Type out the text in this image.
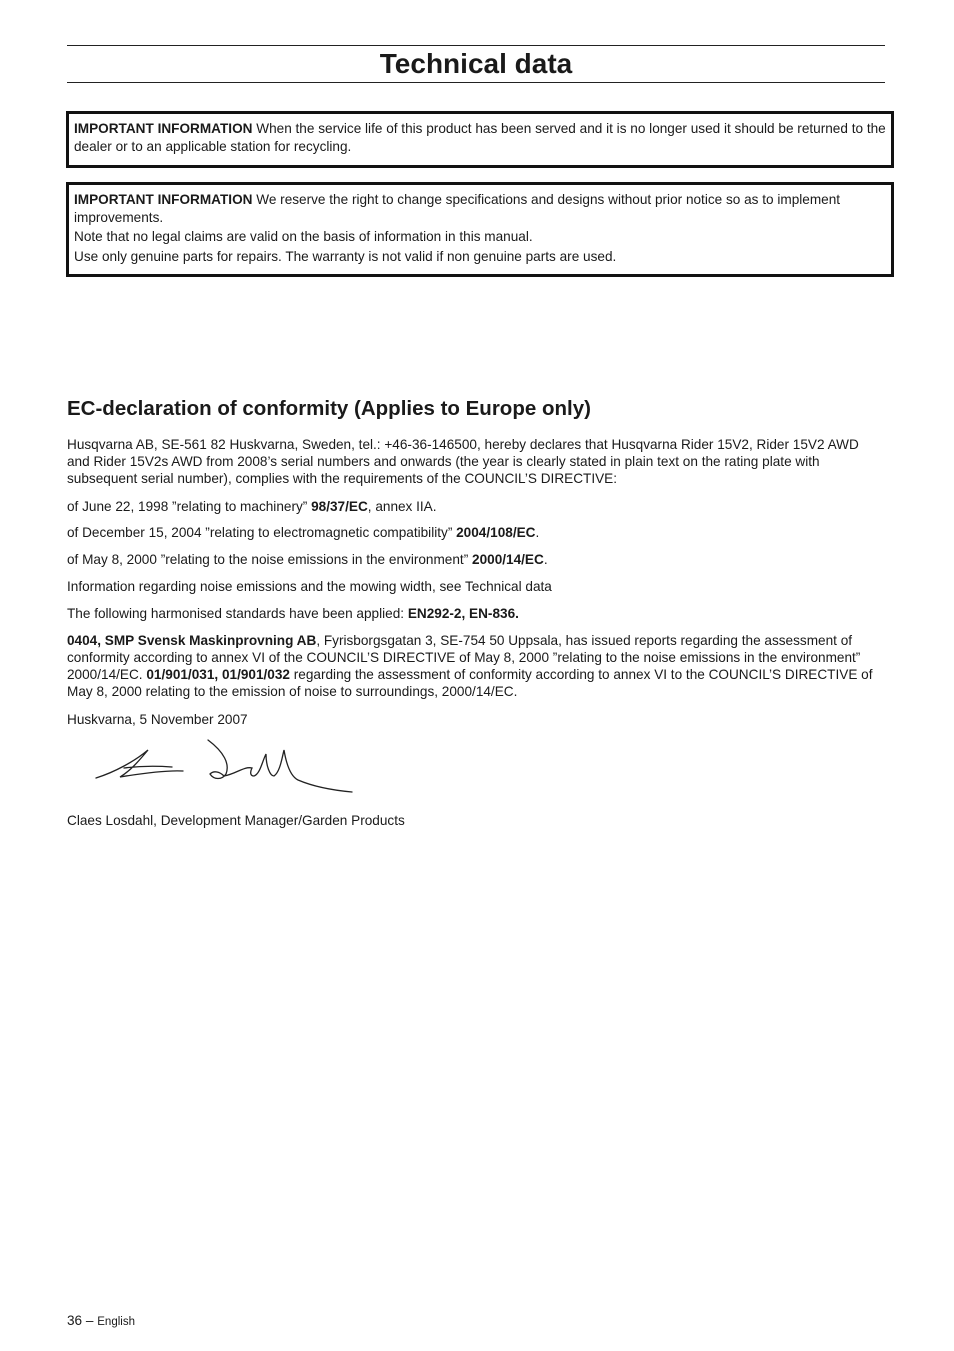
Technical data

IMPORTANT INFORMATION When the service life of this product has been served and it is no longer used it should be returned to the dealer or to an applicable station for recycling.

IMPORTANT INFORMATION We reserve the right to change specifications and designs without prior notice so as to implement improvements.

Note that no legal claims are valid on the basis of information in this manual.

Use only genuine parts for repairs. The warranty is not valid if non genuine parts are used.

EC-declaration of conformity (Applies to Europe only)

Husqvarna AB, SE-561 82 Huskvarna, Sweden, tel.: +46-36-146500, hereby declares that Husqvarna Rider 15V2, Rider 15V2 AWD and Rider 15V2s AWD from 2008’s serial numbers and onwards (the year is clearly stated in plain text on the rating plate with subsequent serial number), complies with the requirements of the COUNCIL’S DIRECTIVE:

of June 22, 1998 ”relating to machinery” 98/37/EC, annex IIA.

of December 15, 2004 ”relating to electromagnetic compatibility” 2004/108/EC.

of May 8, 2000 ”relating to the noise emissions in the environment” 2000/14/EC.

Information regarding noise emissions and the mowing width, see Technical data

The following harmonised standards have been applied: EN292-2, EN-836.

0404, SMP Svensk Maskinprovning AB, Fyrisborgsgatan 3, SE-754 50 Uppsala, has issued reports regarding the assessment of conformity according to annex VI of the COUNCIL’S DIRECTIVE of May 8, 2000 ”relating to the noise emissions in the environment” 2000/14/EC. 01/901/031, 01/901/032 regarding the assessment of conformity according to annex VI to the COUNCIL’S DIRECTIVE of May 8, 2000 relating to the emission of noise to surroundings, 2000/14/EC.

Huskvarna, 5 November 2007

Claes Losdahl, Development Manager/Garden Products

36 – English
